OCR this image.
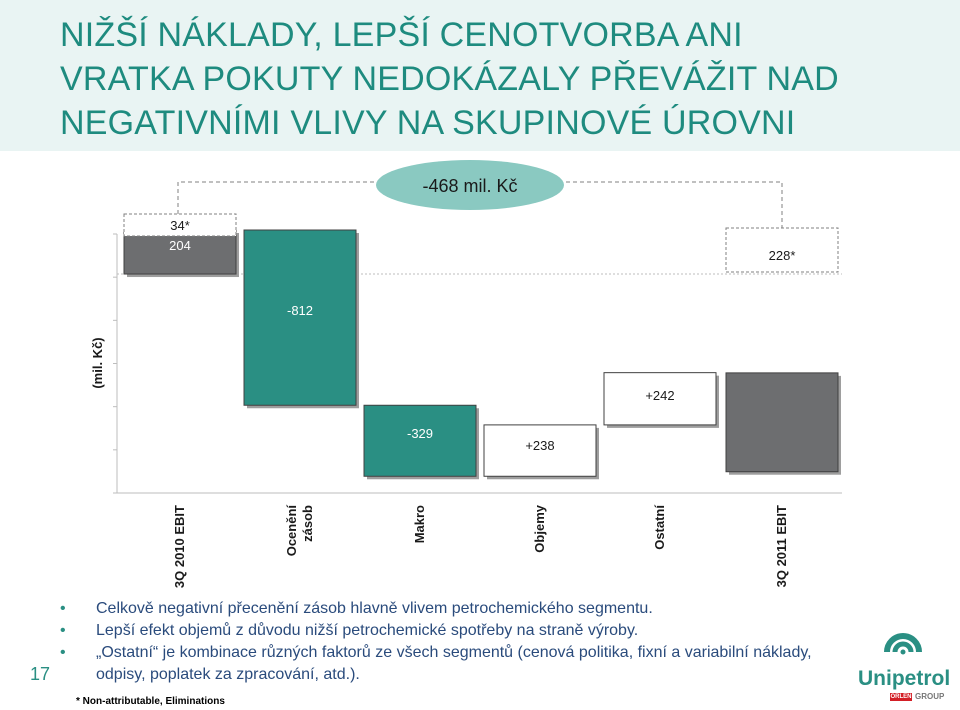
NIŽŠÍ NÁKLADY, LEPŠÍ CENOTVORBA ANI
VRATKA POKUTY NEDOKÁZALY PŘEVÁŽIT NAD
NEGATIVNÍMI VLIVY NA SKUPINOVÉ ÚROVNI
(mil. Kč)
204
-812
-329
+238
+242
-458
34*
228*
-468 mil. Kč
3Q 2010 EBIT	Ocenění zásob	Makro	Objemy	Ostatní	3Q 2011 EBIT
• Celkově negativní přecenění zásob hlavně vlivem petrochemického segmentu.
• Lepší efekt objemů z důvodu nižší petrochemické spotřeby na straně výroby.
• „Ostatní“ je kombinace různých faktorů ze všech segmentů (cenová politika, fixní a variabilní náklady, odpisy, poplatek za zpracování, atd.).
17
* Non-attributable, Eliminations
Unipetrol
ORLEN GROUP
